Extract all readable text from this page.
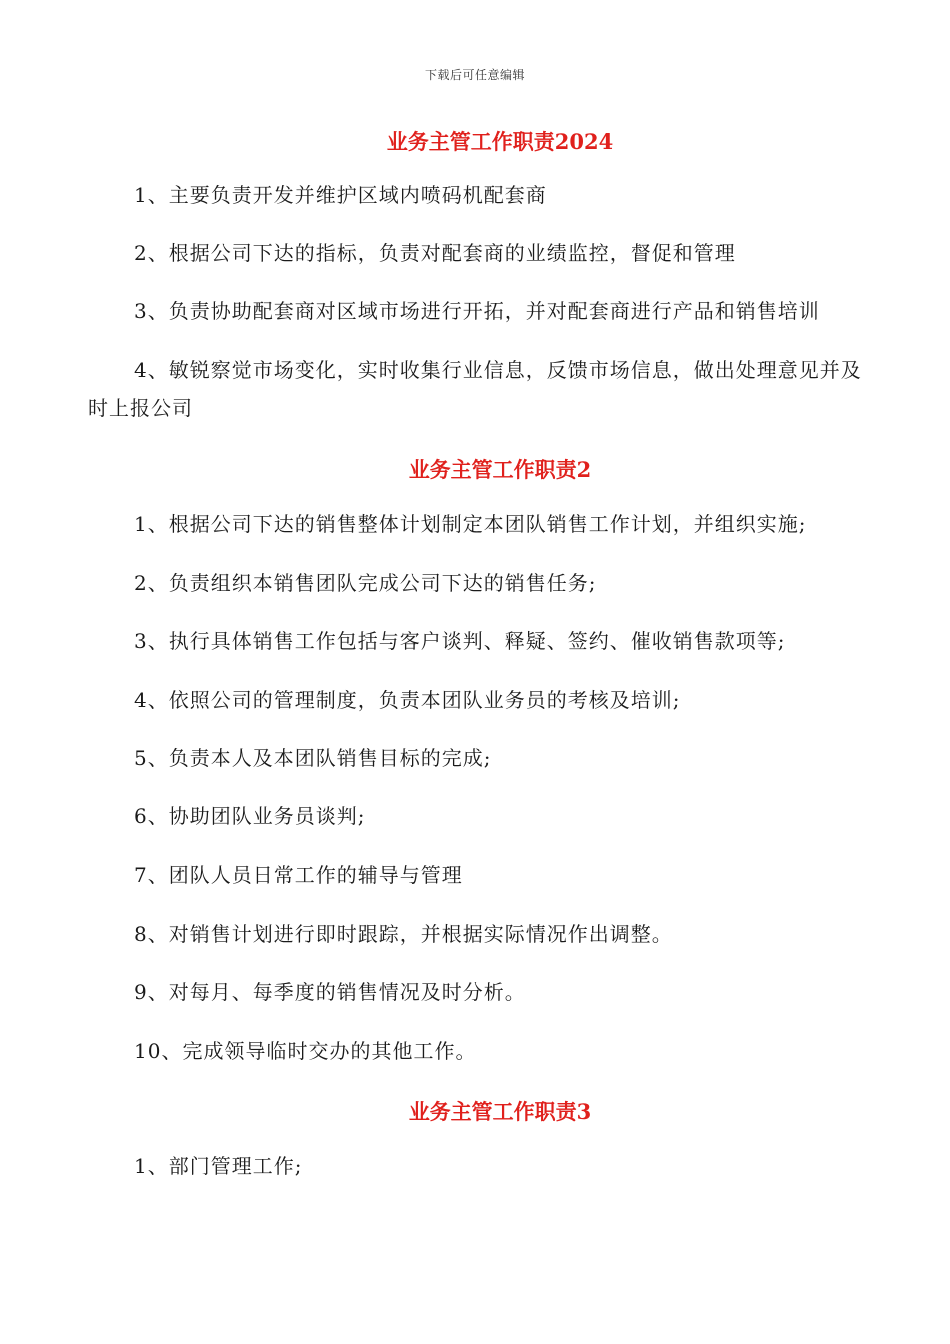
下载后可任意编辑
业务主管工作职责2024
1、主要负责开发并维护区域内喷码机配套商
2、根据公司下达的指标，负责对配套商的业绩监控，督促和管理
3、负责协助配套商对区域市场进行开拓，并对配套商进行产品和销售培训
4、敏锐察觉市场变化，实时收集行业信息，反馈市场信息，做出处理意见并及时上报公司
业务主管工作职责2
1、根据公司下达的销售整体计划制定本团队销售工作计划，并组织实施;
2、负责组织本销售团队完成公司下达的销售任务;
3、执行具体销售工作包括与客户谈判、释疑、签约、催收销售款项等;
4、依照公司的管理制度，负责本团队业务员的考核及培训;
5、负责本人及本团队销售目标的完成;
6、协助团队业务员谈判;
7、团队人员日常工作的辅导与管理
8、对销售计划进行即时跟踪，并根据实际情况作出调整。
9、对每月、每季度的销售情况及时分析。
10、完成领导临时交办的其他工作。
业务主管工作职责3
1、部门管理工作;
